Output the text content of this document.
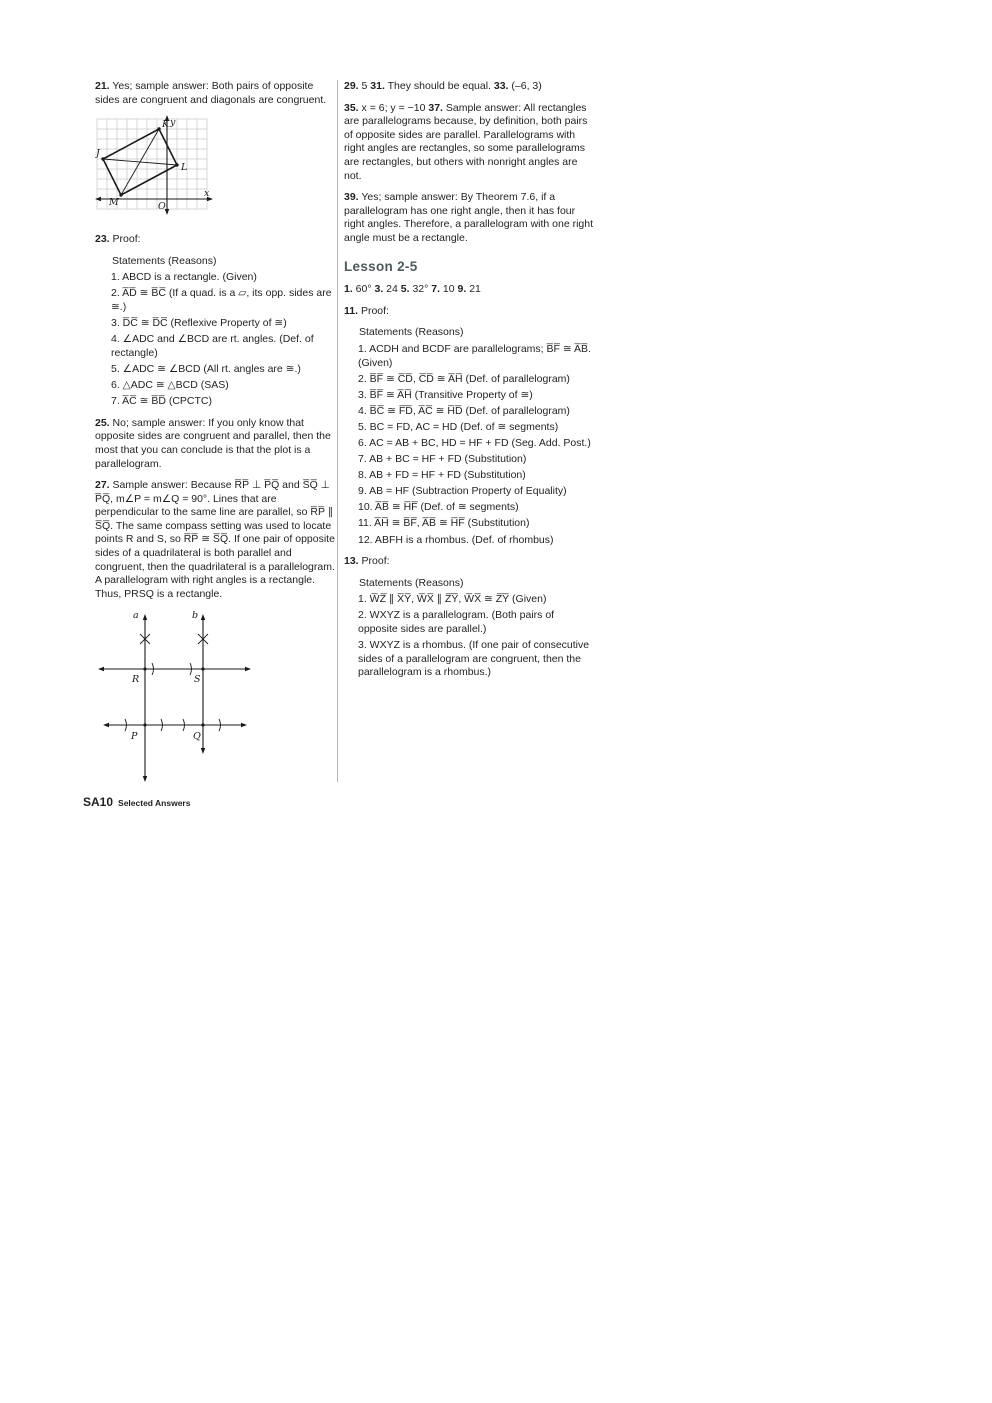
21. Yes; sample answer: Both pairs of opposite sides are congruent and diagonals are congruent.

y
K
J
L
M	O
x

23. Proof:

Statements (Reasons)
1. ABCD is a rectangle. (Given)
2. A̅D̅ ≅ B̅C̅ (If a quad. is a ▱, its opp. sides are ≅.)
3. D̅C̅ ≅ D̅C̅ (Reflexive Property of ≅)
4. ∠ADC and ∠BCD are rt. angles. (Def. of rectangle)
5. ∠ADC ≅ ∠BCD (All rt. angles are ≅.)
6. △ADC ≅ △BCD (SAS)
7. A̅C̅ ≅ B̅D̅ (CPCTC)

25. No; sample answer: If you only know that opposite sides are congruent and parallel, then the most that you can conclude is that the plot is a parallelogram.

27. Sample answer: Because R̅P̅ ⊥ P̅Q̅ and S̅Q̅ ⊥ P̅Q̅, m∠P = m∠Q = 90°. Lines that are perpendicular to the same line are parallel, so R̅P̅ ∥ S̅Q̅. The same compass setting was used to locate points R and S, so R̅P̅ ≅ S̅Q̅. If one pair of opposite sides of a quadrilateral is both parallel and congruent, then the quadrilateral is a parallelogram. A parallelogram with right angles is a rectangle. Thus, PRSQ is a rectangle.

a	b
R	S
P	Q

29. 5 31. They should be equal. 33. (–6, 3)

35. x = 6; y = −10 37. Sample answer: All rectangles are parallelograms because, by definition, both pairs of opposite sides are parallel. Parallelograms with right angles are rectangles, so some parallelograms are rectangles, but others with nonright angles are not.

39. Yes; sample answer: By Theorem 7.6, if a parallelogram has one right angle, then it has four right angles. Therefore, a parallelogram with one right angle must be a rectangle.

Lesson 2-5

1. 60° 3. 24 5. 32° 7. 10 9. 21

11. Proof:

Statements (Reasons)
1. ACDH and BCDF are parallelograms; B̅F̅ ≅ A̅B̅. (Given)
2. B̅F̅ ≅ C̅D̅, C̅D̅ ≅ A̅H̅ (Def. of parallelogram)
3. B̅F̅ ≅ A̅H̅ (Transitive Property of ≅)
4. B̅C̅ ≅ F̅D̅, A̅C̅ ≅ H̅D̅ (Def. of parallelogram)
5. BC = FD, AC = HD (Def. of ≅ segments)
6. AC = AB + BC, HD = HF + FD (Seg. Add. Post.)
7. AB + BC = HF + FD (Substitution)
8. AB + FD = HF + FD (Substitution)
9. AB = HF (Subtraction Property of Equality)
10. A̅B̅ ≅ H̅F̅ (Def. of ≅ segments)
11. A̅H̅ ≅ B̅F̅, A̅B̅ ≅ H̅F̅ (Substitution)
12. ABFH is a rhombus. (Def. of rhombus)

13. Proof:

Statements (Reasons)
1. W̅Z̅ ∥ X̅Y̅, W̅X̅ ∥ Z̅Y̅, W̅X̅ ≅ Z̅Y̅ (Given)
2. WXYZ is a parallelogram. (Both pairs of opposite sides are parallel.)
3. WXYZ is a rhombus. (If one pair of consecutive sides of a parallelogram are congruent, then the parallelogram is a rhombus.)
SA10 Selected Answers
